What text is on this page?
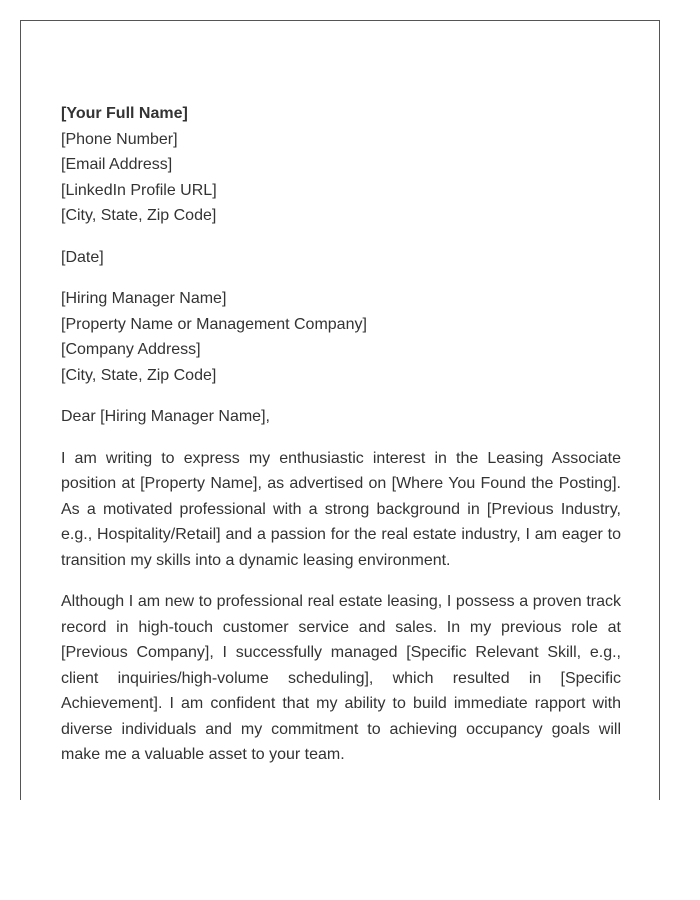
[Your Full Name]
[Phone Number]
[Email Address]
[LinkedIn Profile URL]
[City, State, Zip Code]
[Date]
[Hiring Manager Name]
[Property Name or Management Company]
[Company Address]
[City, State, Zip Code]
Dear [Hiring Manager Name],

I am writing to express my enthusiastic interest in the Leasing Associate position at [Property Name], as advertised on [Where You Found the Posting]. As a motivated professional with a strong background in [Previous Industry, e.g., Hospitality/Retail] and a passion for the real estate industry, I am eager to transition my skills into a dynamic leasing environment.

Although I am new to professional real estate leasing, I possess a proven track record in high-touch customer service and sales. In my previous role at [Previous Company], I successfully managed [Specific Relevant Skill, e.g., client inquiries/high-volume scheduling], which resulted in [Specific Achievement]. I am confident that my ability to build immediate rapport with diverse individuals and my commitment to achieving occupancy goals will make me a valuable asset to your team.
